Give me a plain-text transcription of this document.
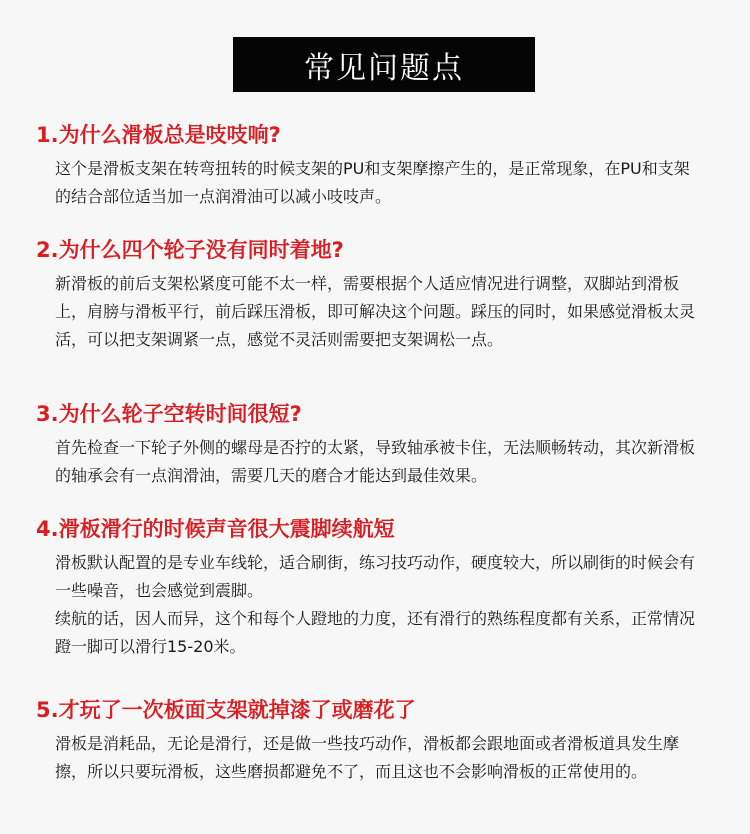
常见问题点
1.为什么滑板总是吱吱响?

这个是滑板支架在转弯扭转的时候支架的PU和支架摩擦产生的，是正常现象，在PU和支架的结合部位适当加一点润滑油可以减小吱吱声。

2.为什么四个轮子没有同时着地?

新滑板的前后支架松紧度可能不太一样，需要根据个人适应情况进行调整，双脚站到滑板上，肩膀与滑板平行，前后踩压滑板，即可解决这个问题。踩压的同时，如果感觉滑板太灵活，可以把支架调紧一点，感觉不灵活则需要把支架调松一点。

3.为什么轮子空转时间很短?

首先检查一下轮子外侧的螺母是否拧的太紧，导致轴承被卡住，无法顺畅转动，其次新滑板的轴承会有一点润滑油，需要几天的磨合才能达到最佳效果。

4.滑板滑行的时候声音很大震脚续航短

滑板默认配置的是专业车线轮，适合刷街，练习技巧动作，硬度较大，所以刷街的时候会有一些噪音，也会感觉到震脚。

续航的话，因人而异，这个和每个人蹬地的力度，还有滑行的熟练程度都有关系，正常情况蹬一脚可以滑行15-20米。

5.才玩了一次板面支架就掉漆了或磨花了

滑板是消耗品，无论是滑行，还是做一些技巧动作，滑板都会跟地面或者滑板道具发生摩擦，所以只要玩滑板，这些磨损都避免不了，而且这也不会影响滑板的正常使用的。
